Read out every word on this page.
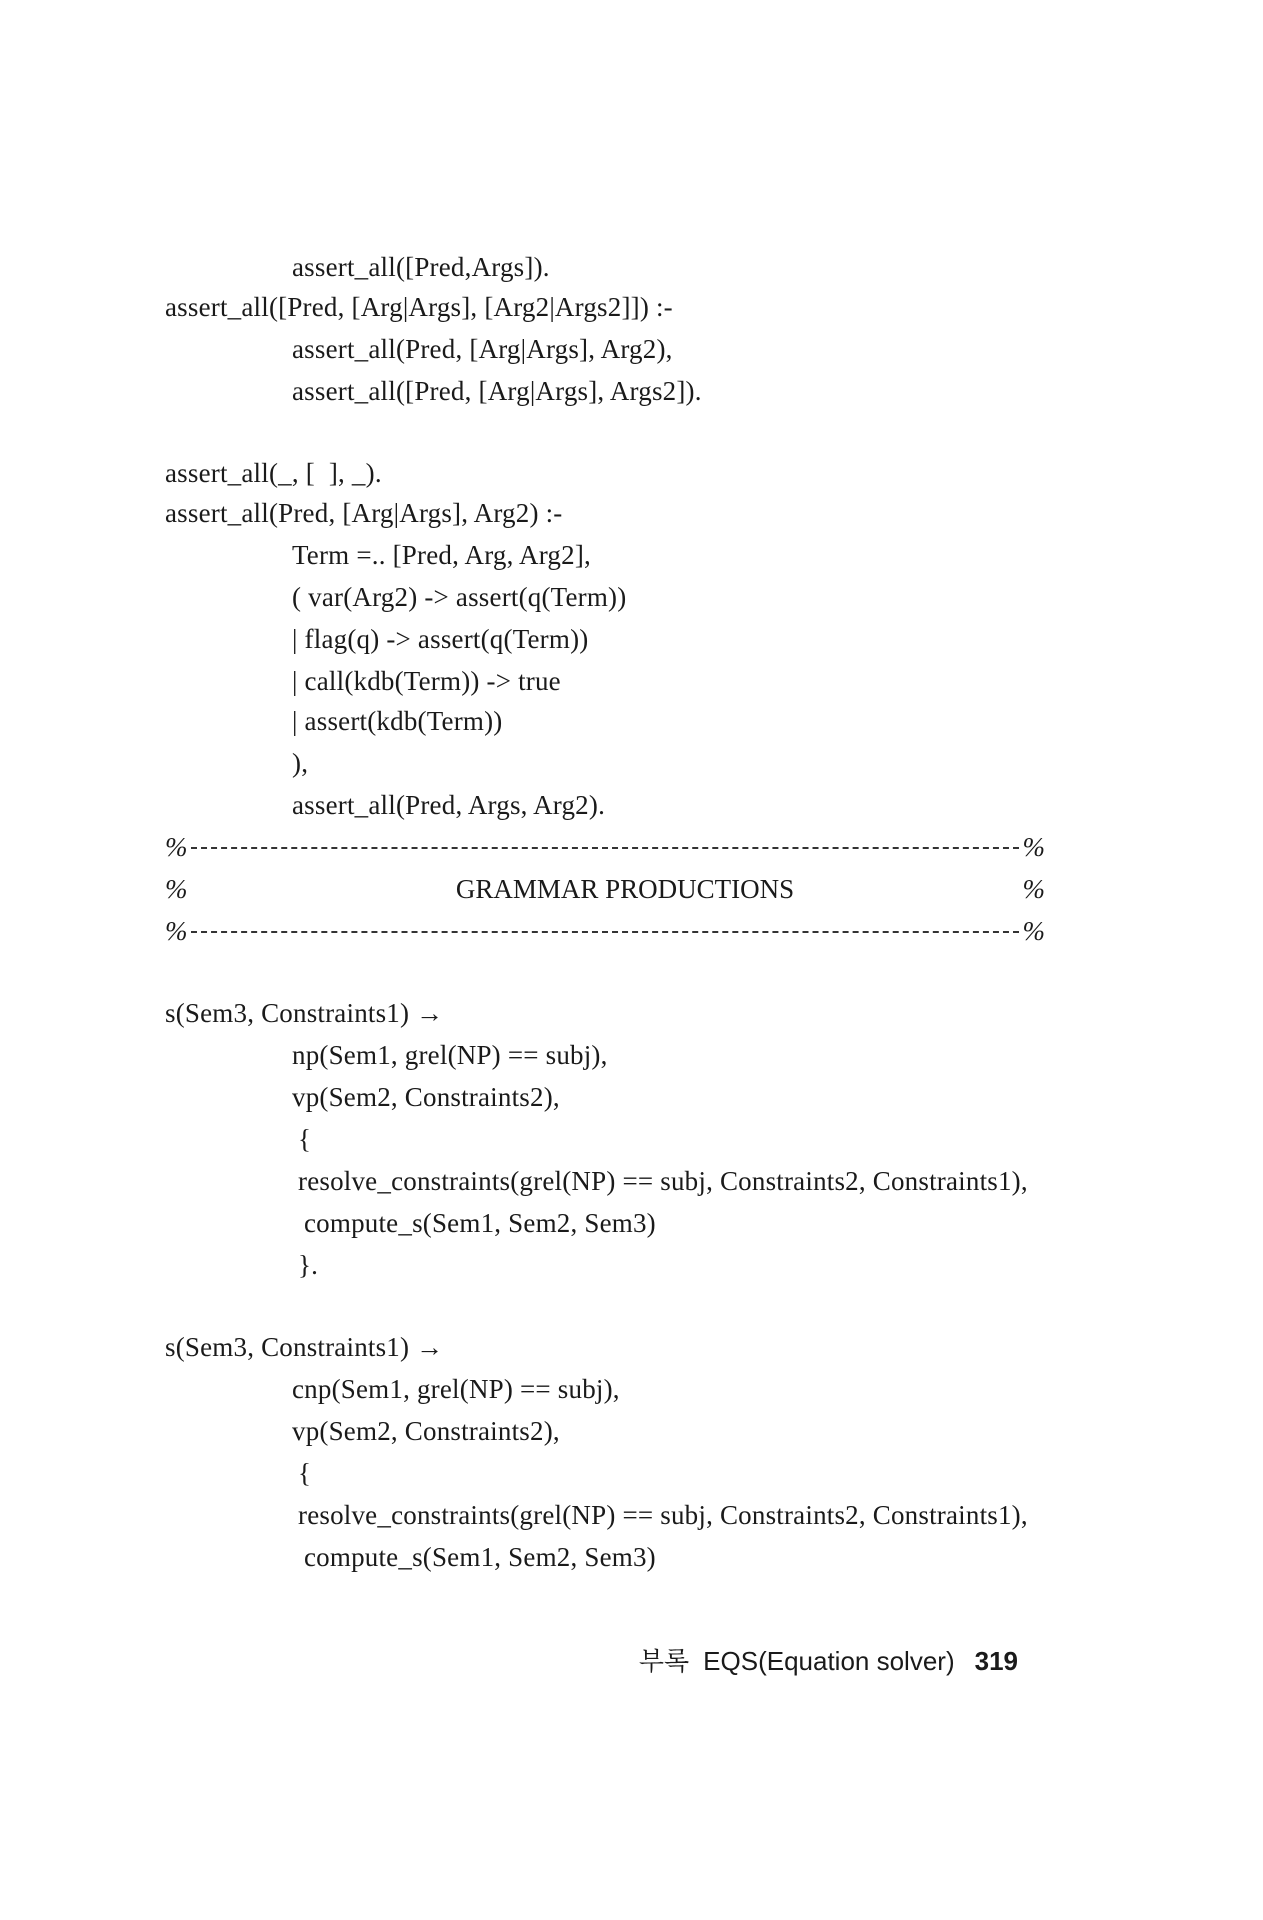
assert_all([Pred,Args]).
assert_all([Pred, [Arg|Args], [Arg2|Args2]]) :-
assert_all(Pred, [Arg|Args], Arg2),
assert_all([Pred, [Arg|Args], Args2]).
assert_all(_, [  ], _).
assert_all(Pred, [Arg|Args], Arg2) :-
Term =.. [Pred, Arg, Arg2],
( var(Arg2) -> assert(q(Term))
| flag(q) -> assert(q(Term))
| call(kdb(Term)) -> true
| assert(kdb(Term))
),
assert_all(Pred, Args, Arg2).
%	%
%	GRAMMAR PRODUCTIONS	%
%	%
s(Sem3, Constraints1) →
np(Sem1, grel(NP) == subj),
vp(Sem2, Constraints2),
{
resolve_constraints(grel(NP) == subj, Constraints2, Constraints1),
compute_s(Sem1, Sem2, Sem3)
}.
s(Sem3, Constraints1) →
cnp(Sem1, grel(NP) == subj),
vp(Sem2, Constraints2),
{
resolve_constraints(grel(NP) == subj, Constraints2, Constraints1),
compute_s(Sem1, Sem2, Sem3)
부록 EQS(Equation solver) 319
